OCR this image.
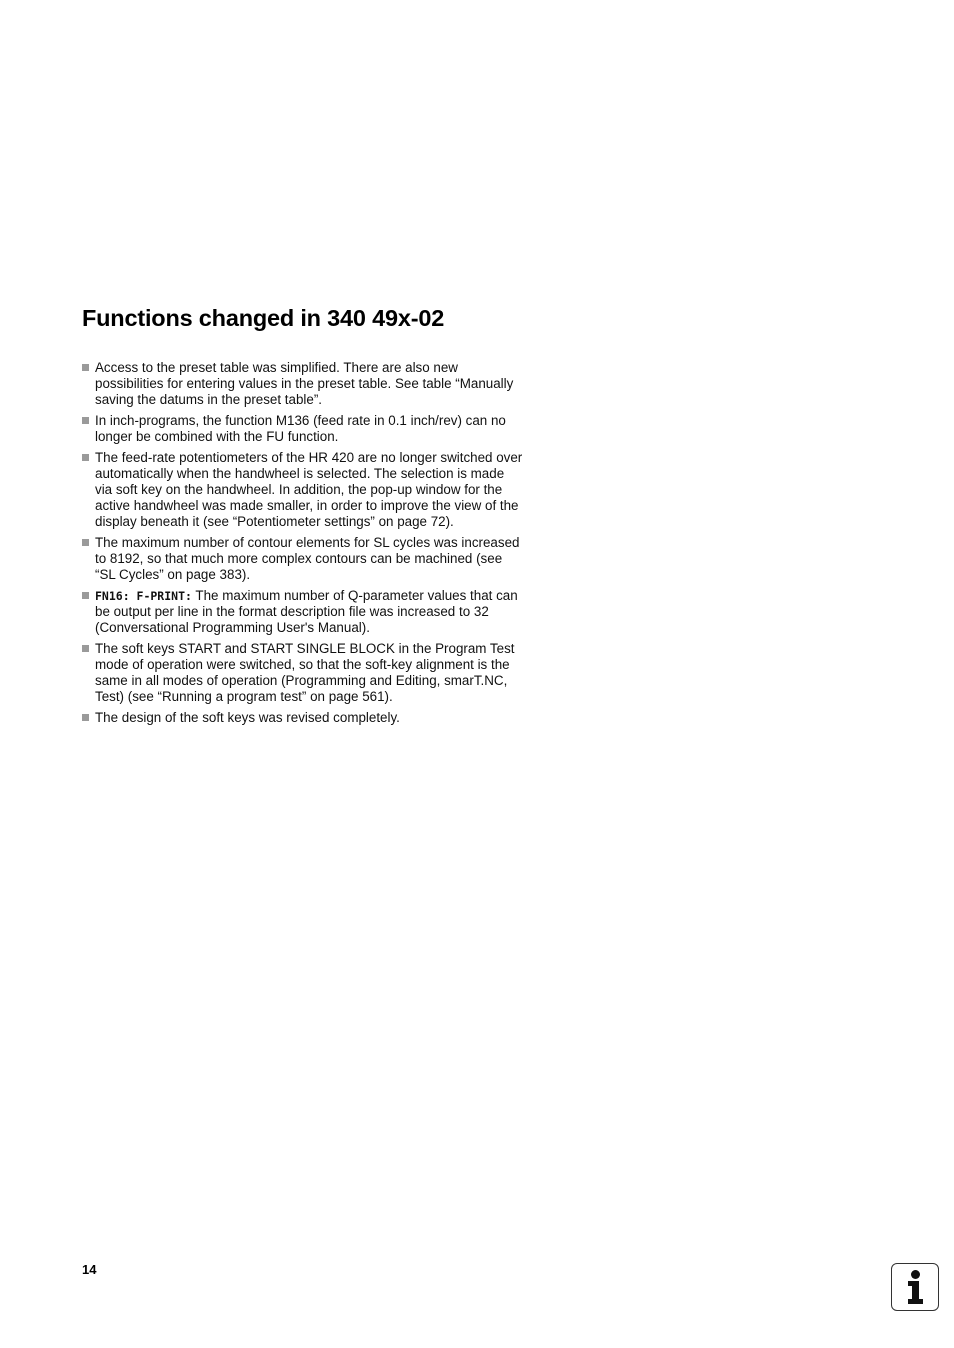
Functions changed in 340 49x-02
Access to the preset table was simplified. There are also new possibilities for entering values in the preset table. See table “Manually saving the datums in the preset table”.
In inch-programs, the function M136 (feed rate in 0.1 inch/rev) can no longer be combined with the FU function.
The feed-rate potentiometers of the HR 420 are no longer switched over automatically when the handwheel is selected. The selection is made via soft key on the handwheel. In addition, the pop-up window for the active handwheel was made smaller, in order to improve the view of the display beneath it (see “Potentiometer settings” on page 72).
The maximum number of contour elements for SL cycles was increased to 8192, so that much more complex contours can be machined (see “SL Cycles” on page 383).
FN16: F-PRINT: The maximum number of Q-parameter values that can be output per line in the format description file was increased to 32 (Conversational Programming User's Manual).
The soft keys START and START SINGLE BLOCK in the Program Test mode of operation were switched, so that the soft-key alignment is the same in all modes of operation (Programming and Editing, smarT.NC, Test) (see “Running a program test” on page 561).
The design of the soft keys was revised completely.
14
